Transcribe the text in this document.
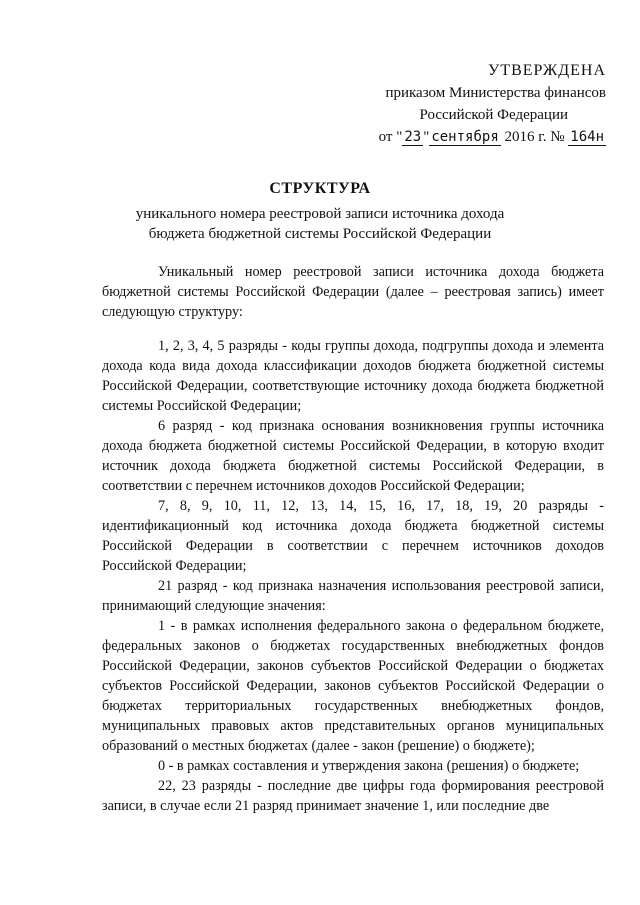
УТВЕРЖДЕНА
приказом Министерства финансов
Российской Федерации
от " 23 " сентября 2016 г. № 164н
СТРУКТУРА
уникального номера реестровой записи источника дохода бюджета бюджетной системы Российской Федерации

Уникальный номер реестровой записи источника дохода бюджета бюджетной системы Российской Федерации (далее – реестровая запись) имеет следующую структуру:

1, 2, 3, 4, 5 разряды - коды группы дохода, подгруппы дохода и элемента дохода кода вида дохода классификации доходов бюджета бюджетной системы Российской Федерации, соответствующие источнику дохода бюджета бюджетной системы Российской Федерации;

6 разряд - код признака основания возникновения группы источника дохода бюджета бюджетной системы Российской Федерации, в которую входит источник дохода бюджета бюджетной системы Российской Федерации, в соответствии с перечнем источников доходов Российской Федерации;

7, 8, 9, 10, 11, 12, 13, 14, 15, 16, 17, 18, 19, 20 разряды - идентификационный код источника дохода бюджета бюджетной системы Российской Федерации в соответствии с перечнем источников доходов Российской Федерации;

21 разряд - код признака назначения использования реестровой записи, принимающий следующие значения:

1 - в рамках исполнения федерального закона о федеральном бюджете, федеральных законов о бюджетах государственных внебюджетных фондов Российской Федерации, законов субъектов Российской Федерации о бюджетах субъектов Российской Федерации, законов субъектов Российской Федерации о бюджетах территориальных государственных внебюджетных фондов, муниципальных правовых актов представительных органов муниципальных образований о местных бюджетах (далее - закон (решение) о бюджете);

0 - в рамках составления и утверждения закона (решения) о бюджете;

22, 23 разряды - последние две цифры года формирования реестровой записи, в случае если 21 разряд принимает значение 1, или последние две
